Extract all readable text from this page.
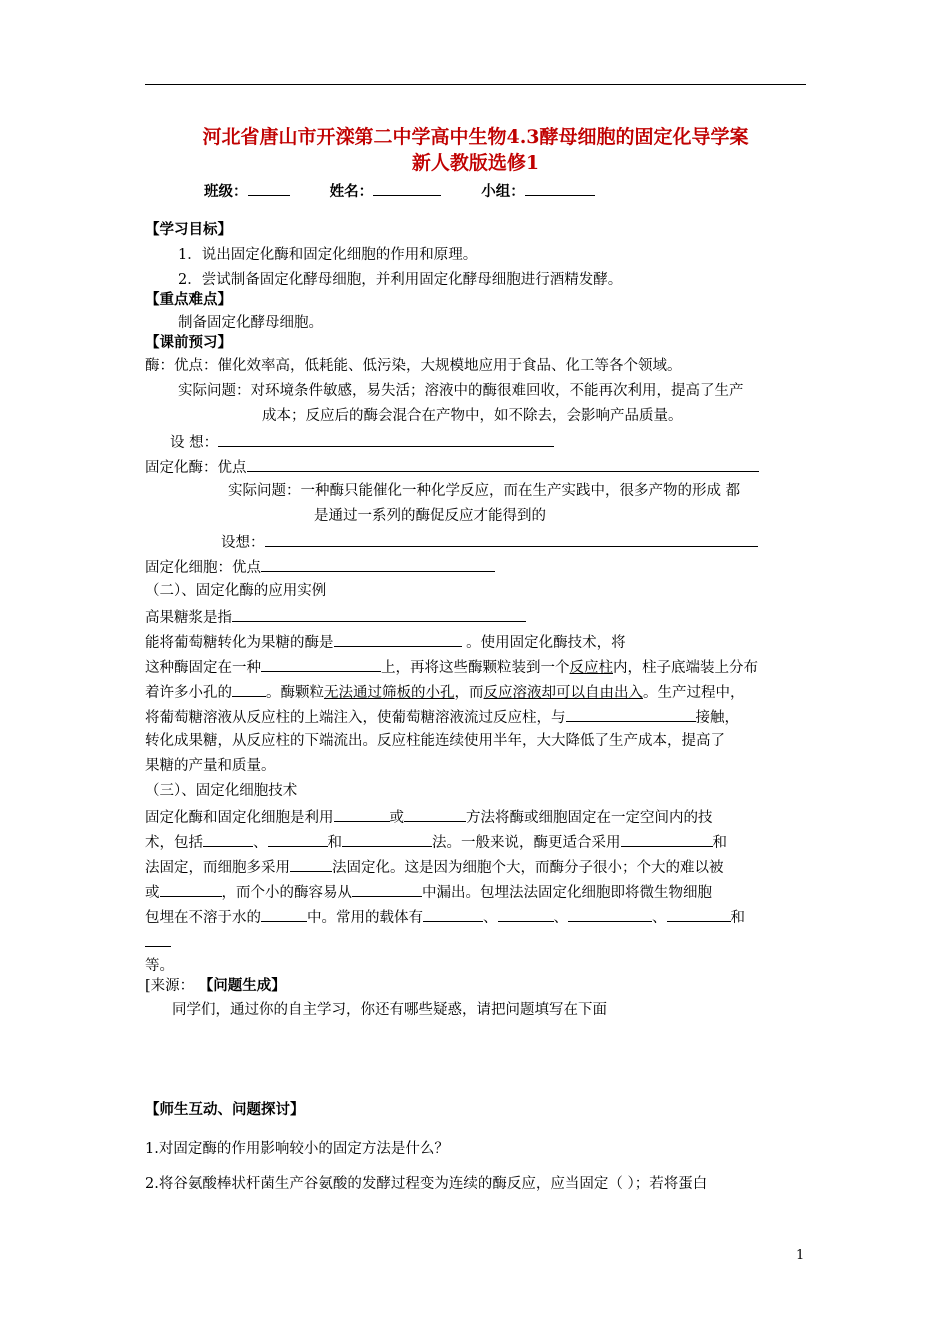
河北省唐山市开滦第二中学高中生物4.3酵母细胞的固定化导学案
新人教版选修1
班级：	姓名：	小组：
【学习目标】
1．说出固定化酶和固定化细胞的作用和原理。
2．尝试制备固定化酵母细胞，并利用固定化酵母细胞进行酒精发酵。
【重点难点】
制备固定化酵母细胞。
【课前预习】
酶：优点：催化效率高，低耗能、低污染，大规模地应用于食品、化工等各个领域。
实际问题：对环境条件敏感，易失活；溶液中的酶很难回收，不能再次利用，提高了生产
成本；反应后的酶会混合在产物中，如不除去，会影响产品质量。
设 想：
固定化酶：优点
实际问题：一种酶只能催化一种化学反应，而在生产实践中，很多产物的形成 都
是通过一系列的酶促反应才能得到的
设想：
固定化细胞：优点
（二）、固定化酶的应用实例
高果糖浆是指
能将葡萄糖转化为果糖的酶是	。使用固定化酶技术，将
这种酶固定在一种	上，再将这些酶颗粒装到一个反应柱内，柱子底端装上分布
着许多小孔的 。酶颗粒无法通过筛板的小孔，而反应溶液却可以自由出入。生产过程中，
将葡萄糖溶液从反应柱的上端注入，使葡萄糖溶液流过反应柱，与	接触，
转化成果糖，从反应柱的下端流出。反应柱能连续使用半年，大大降低了生产成本，提高了
果糖的产量和质量。
（三）、固定化细胞技术
固定化酶和固定化细胞是利用	或	方法将酶或细胞固定在一定空间内的技
术，包括	、	和	法。一般来说，酶更适合采用	和
法固定，而细胞多采用	法固定化。这是因为细胞个大，而酶分子很小；个大的难以被
或	，而个小的酶容易从	中漏出。包埋法法固定化细胞即将微生物细胞
包埋在不溶于水的	中。常用的载体有	、	、	、	和
等。
[来源： 【问题生成】
同学们，通过你的自主学习，你还有哪些疑惑，请把问题填写在下面
【师生互动、问题探讨】
1.对固定酶的作用影响较小的固定方法是什么？
2.将谷氨酸棒状杆菌生产谷氨酸的发酵过程变为连续的酶反应，应当固定（ ）；若将蛋白
1
